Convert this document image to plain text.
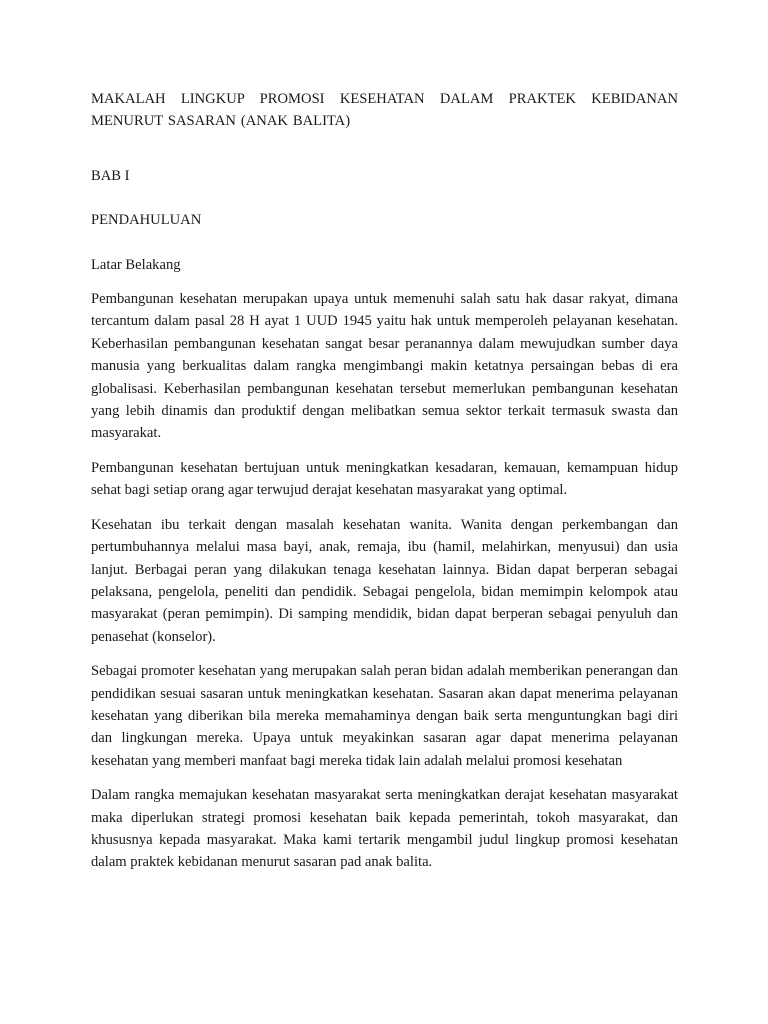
MAKALAH LINGKUP PROMOSI KESEHATAN DALAM PRAKTEK KEBIDANAN MENURUT SASARAN (ANAK BALITA)
BAB I
PENDAHULUAN
Latar Belakang

Pembangunan kesehatan merupakan upaya untuk memenuhi salah satu hak dasar rakyat, dimana tercantum dalam pasal 28 H ayat 1 UUD 1945 yaitu hak untuk memperoleh pelayanan kesehatan. Keberhasilan pembangunan kesehatan sangat besar peranannya dalam mewujudkan sumber daya manusia yang berkualitas dalam rangka mengimbangi makin ketatnya persaingan bebas di era globalisasi. Keberhasilan pembangunan kesehatan tersebut memerlukan pembangunan kesehatan yang lebih dinamis dan produktif dengan melibatkan semua sektor terkait termasuk swasta dan masyarakat.

Pembangunan kesehatan bertujuan untuk meningkatkan kesadaran, kemauan, kemampuan hidup sehat bagi setiap orang agar terwujud derajat kesehatan masyarakat yang optimal.

Kesehatan ibu terkait dengan masalah kesehatan wanita. Wanita dengan perkembangan dan pertumbuhannya melalui masa bayi, anak, remaja, ibu (hamil, melahirkan, menyusui) dan usia lanjut. Berbagai peran yang dilakukan tenaga kesehatan lainnya. Bidan dapat berperan sebagai pelaksana, pengelola, peneliti dan pendidik. Sebagai pengelola, bidan memimpin kelompok atau masyarakat (peran pemimpin). Di samping mendidik, bidan dapat berperan sebagai penyuluh dan penasehat (konselor).

Sebagai promoter kesehatan yang merupakan salah peran bidan adalah memberikan penerangan dan pendidikan sesuai sasaran untuk meningkatkan kesehatan. Sasaran akan dapat menerima pelayanan kesehatan yang diberikan bila mereka memahaminya dengan baik serta menguntungkan bagi diri dan lingkungan mereka. Upaya untuk meyakinkan sasaran agar dapat menerima pelayanan kesehatan yang memberi manfaat bagi mereka tidak lain adalah melalui promosi kesehatan

Dalam rangka memajukan kesehatan masyarakat serta meningkatkan derajat kesehatan masyarakat maka diperlukan strategi promosi kesehatan baik kepada pemerintah, tokoh masyarakat, dan khususnya kepada masyarakat. Maka kami tertarik mengambil judul lingkup promosi kesehatan dalam praktek kebidanan menurut sasaran pad anak balita.
